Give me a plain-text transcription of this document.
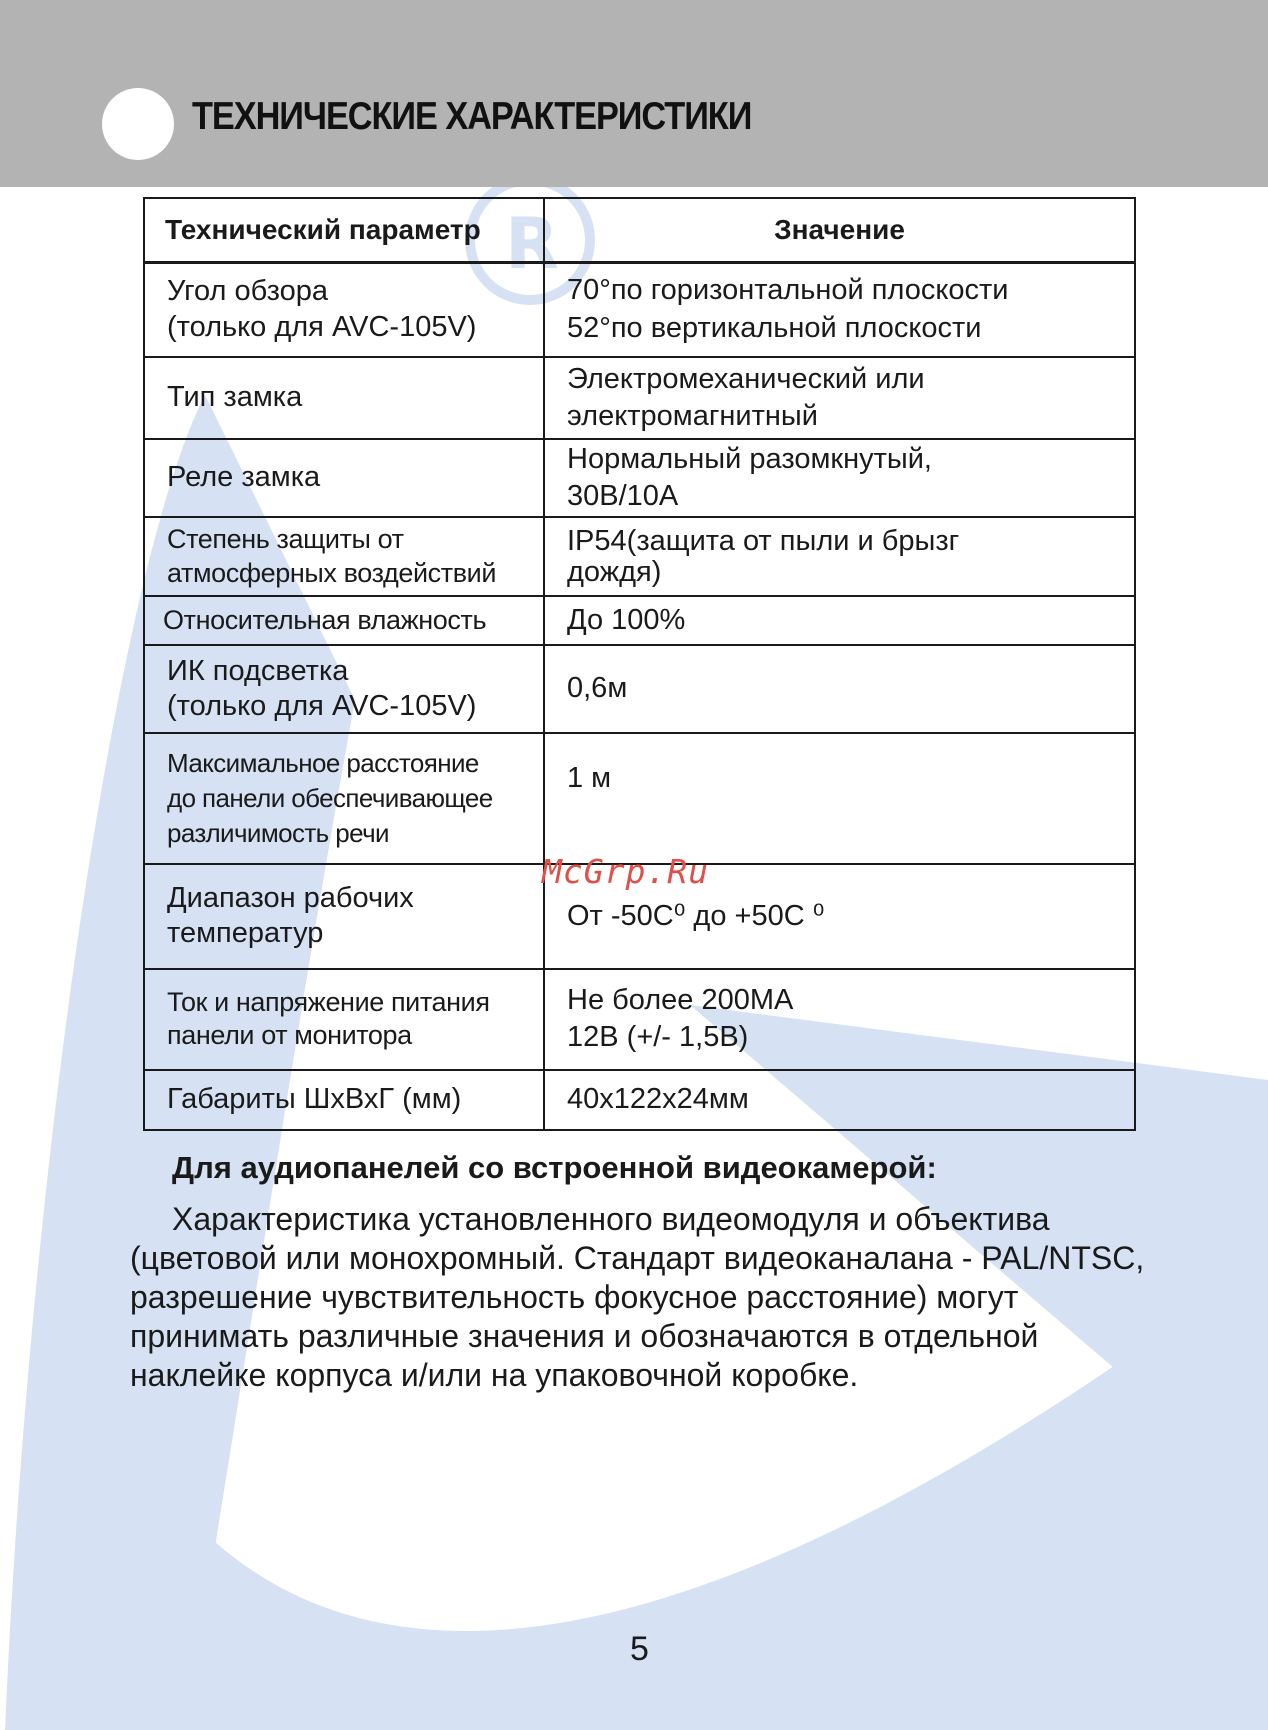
R
ТЕХНИЧЕСКИЕ ХАРАКТЕРИСТИКИ
Технический параметр	Значение

Угол обзора
(только для AVC-105V)	70°по горизонтальной плоскости
52°по вертикальной плоскости

Тип замка	Электромеханический или
электромагнитный

Реле замка	Нормальный разомкнутый,
30В/10А

Степень защиты от
атмосферных воздействий	IP54(защита от пыли и брызг
дождя)

Относительная влажность	До 100%

ИК подсветка
(только для AVC-105V)	0,6м

Максимальное расстояние
до панели обеспечивающее
различимость речи	1 м

Диапазон рабочих
температур	От -50С⁰ до +50С ⁰

Ток и напряжение питания
панели от монитора	Не более 200МА
12В (+/- 1,5В)

Габариты ШхВхГ (мм)	40х122х24мм
McGrp.Ru
Для аудиопанелей со встроенной видеокамерой:

Характеристика установленного видеомодуля и объектива (цветовой или монохромный. Стандарт видеоканалана - PAL/NTSC, разрешение чувствительность фокусное расстояние) могут принимать различные значения и обозначаются в отдельной наклейке корпуса и/или на упаковочной коробке.

5
